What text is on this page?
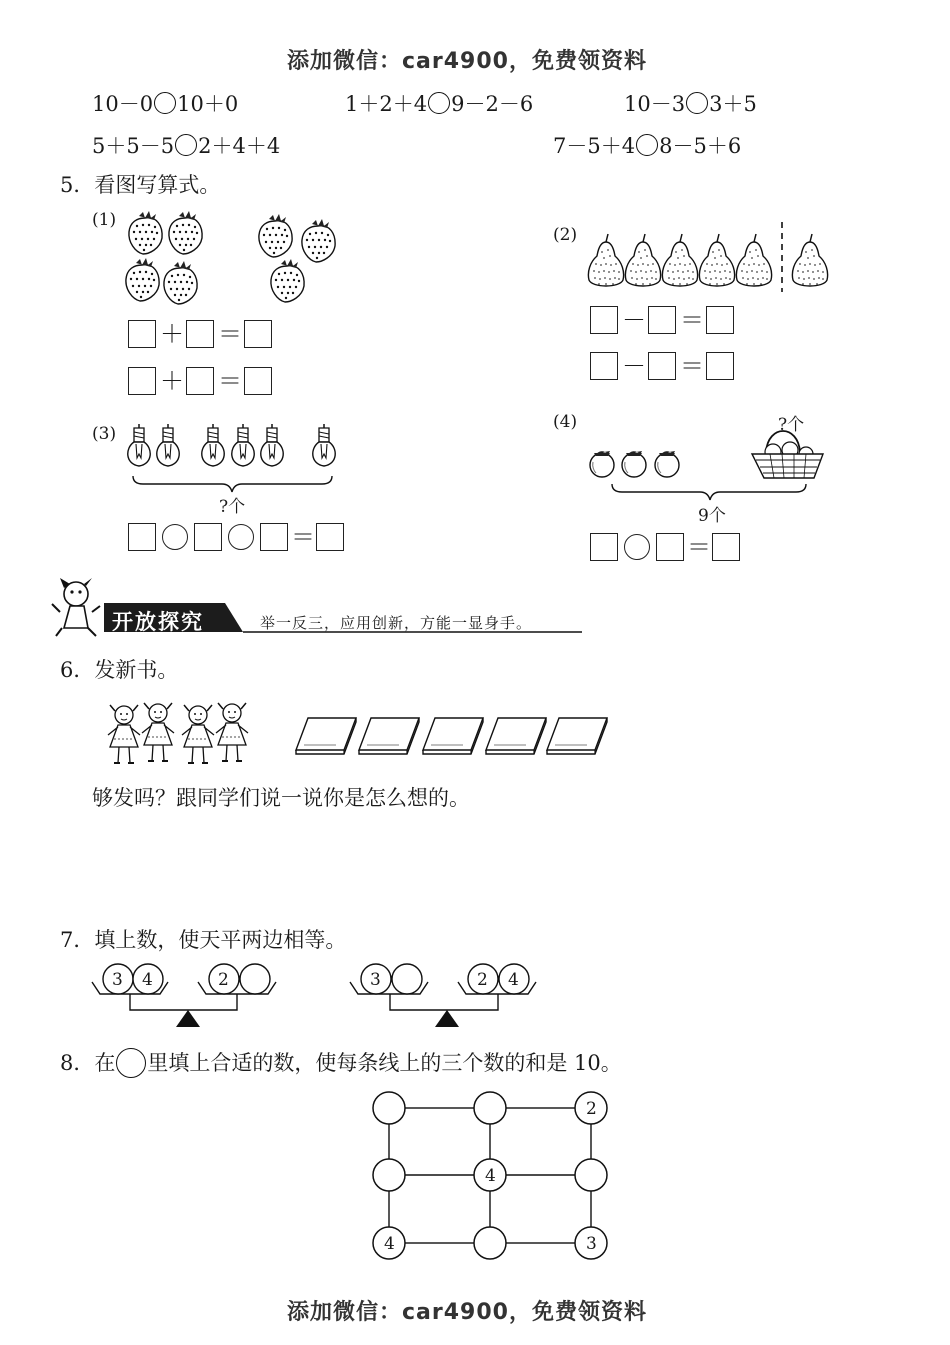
添加微信：car4900，免费领资料
10－0 10＋0	1＋2＋4 9－2－6	10－3 3＋5
5＋5－5 2＋4＋4	7－5＋4 8－5＋6
5．看图写算式。
(1)
＋ ＝
＋ ＝
(2)
－ ＝
－ ＝
(3)
?个
＝
(4)	?个
9个
＝
开放探究	举一反三，应用创新，方能一显身手。
6．发新书。
够发吗？跟同学们说一说你是怎么想的。
7．填上数，使天平两边相等。
3 4	2	3	2 4
8．在 里填上合适的数，使每条线上的三个数的和是 10。
2
4
4	3
添加微信：car4900，免费领资料
